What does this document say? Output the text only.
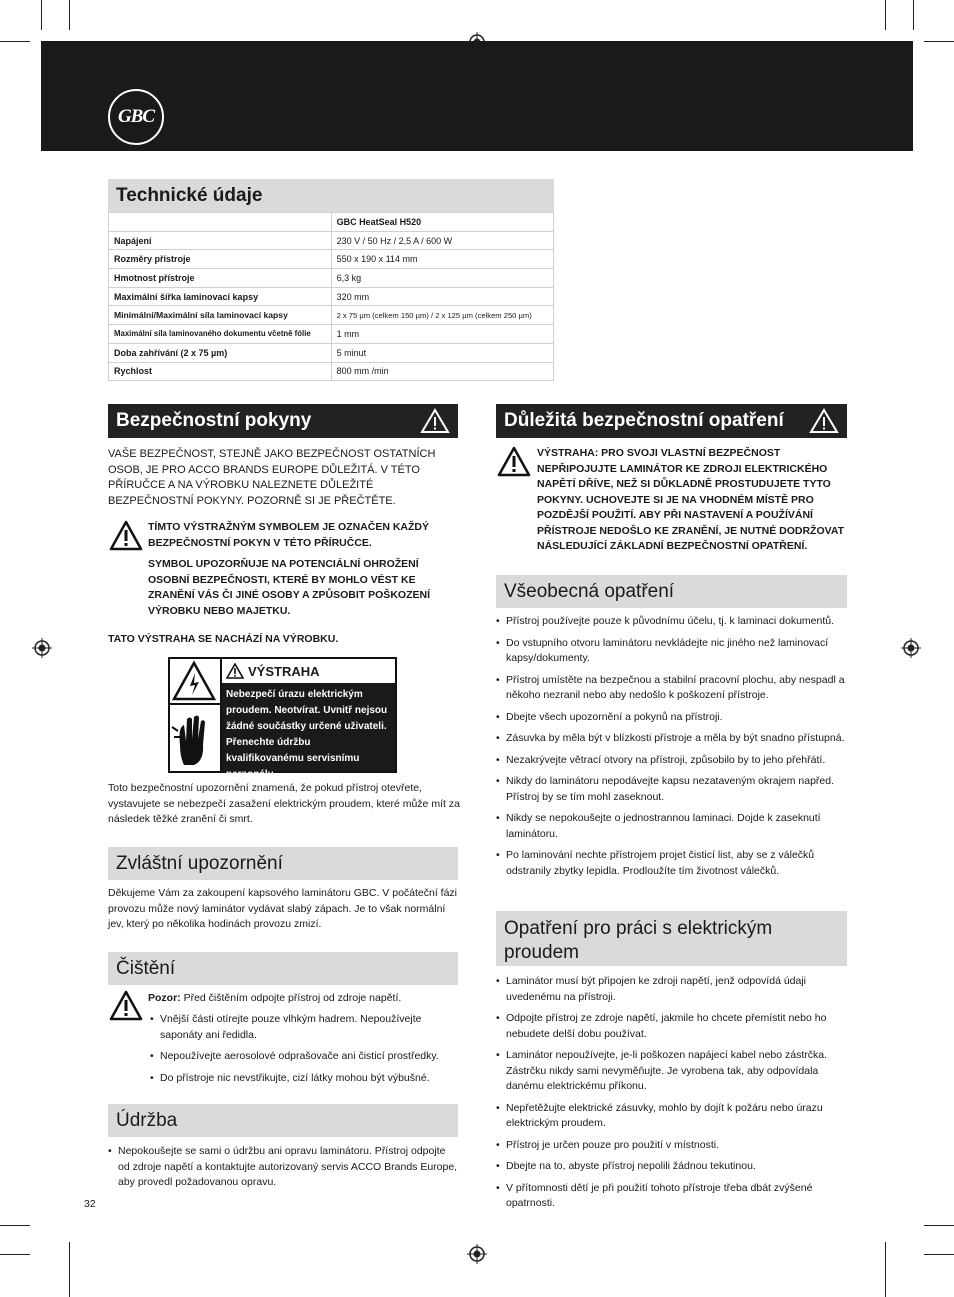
GBC
Technické údaje
	GBC HeatSeal H520
Napájení	230 V / 50 Hz / 2,5 A / 600 W
Rozměry přístroje	550 x 190 x 114 mm
Hmotnost přístroje	6,3 kg
Maximální šířka laminovací kapsy	320 mm
Minimální/Maximální síla laminovací kapsy	2 x 75 µm (celkem 150 µm) / 2 x 125 µm (celkem 250 µm)
Maximální síla laminovaného dokumentu včetně fólie	1 mm
Doba zahřívání (2 x 75 µm)	5 minut
Rychlost	800 mm /min
Bezpečnostní pokyny
VAŠE BEZPEČNOST, STEJNĚ JAKO BEZPEČNOST OSTATNÍCH OSOB, JE PRO ACCO BRANDS EUROPE DŮLEŽITÁ. V TÉTO PŘÍRUČCE A NA VÝROBKU NALEZNETE DŮLEŽITÉ BEZPEČNOSTNÍ POKYNY. POZORNĚ SI JE PŘEČTĚTE.
TÍMTO VÝSTRAŽNÝM SYMBOLEM JE OZNAČEN KAŽDÝ BEZPEČNOSTNÍ POKYN V TÉTO PŘÍRUČCE.
SYMBOL UPOZORŇUJE NA POTENCIÁLNÍ OHROŽENÍ OSOBNÍ BEZPEČNOSTI, KTERÉ BY MOHLO VÉST KE ZRANĚNÍ VÁS ČI JINÉ OSOBY A ZPŮSOBIT POŠKOZENÍ VÝROBKU NEBO MAJETKU.
TATO VÝSTRAHA SE NACHÁZÍ NA VÝROBKU.
VÝSTRAHA
Nebezpečí úrazu elektrickým proudem. Neotvírat. Uvnitř nejsou žádné součástky určené uživateli. Přenechte údržbu kvalifikovanému servisnímu personálu.
Toto bezpečnostní upozornění znamená, že pokud přístroj otevřete, vystavujete se nebezpečí zasažení elektrickým proudem, které může mít za následek těžké zranění či smrt.
Zvláštní upozornění
Děkujeme Vám za zakoupení kapsového laminátoru GBC. V počáteční fázi provozu může nový laminátor vydávat slabý zápach. Je to však normální jev, který po několika hodinách provozu zmizí.
Čištění
Pozor: Před čištěním odpojte přístroj od zdroje napětí.
• Vnější části otírejte pouze vlhkým hadrem. Nepoužívejte saponáty ani ředidla.
• Nepoužívejte aerosolové odprašovače ani čisticí prostředky.
• Do přístroje nic nevstřikujte, cizí látky mohou být výbušné.
Údržba
• Nepokoušejte se sami o údržbu ani opravu laminátoru. Přístroj odpojte od zdroje napětí a kontaktujte autorizovaný servis ACCO Brands Europe, aby provedl požadovanou opravu.
32
Důležitá bezpečnostní opatření
VÝSTRAHA: PRO SVOJI VLASTNÍ BEZPEČNOST NEPŘIPOJUJTE LAMINÁTOR KE ZDROJI ELEKTRICKÉHO NAPĚTÍ DŘÍVE, NEŽ SI DŮKLADNĚ PROSTUDUJETE TYTO POKYNY. UCHOVEJTE SI JE NA VHODNÉM MÍSTĚ PRO POZDĚJŠÍ POUŽITÍ. ABY PŘI NASTAVENÍ A POUŽÍVÁNÍ PŘÍSTROJE NEDOŠLO KE ZRANĚNÍ, JE NUTNÉ DODRŽOVAT NÁSLEDUJÍCÍ ZÁKLADNÍ BEZPEČNOSTNÍ OPATŘENÍ.
Všeobecná opatření
• Přístroj používejte pouze k původnímu účelu, tj. k laminaci dokumentů.
• Do vstupního otvoru laminátoru nevkládejte nic jiného než laminovací kapsy/dokumenty.
• Přístroj umístěte na bezpečnou a stabilní pracovní plochu, aby nespadl a někoho nezranil nebo aby nedošlo k poškození přístroje.
• Dbejte všech upozornění a pokynů na přístroji.
• Zásuvka by měla být v blízkosti přístroje a měla by být snadno přístupná.
• Nezakrývejte větrací otvory na přístroji, způsobilo by to jeho přehřátí.
• Nikdy do laminátoru nepodávejte kapsu nezataveným okrajem napřed. Přístroj by se tím mohl zaseknout.
• Nikdy se nepokoušejte o jednostrannou laminaci. Dojde k zaseknutí laminátoru.
• Po laminování nechte přístrojem projet čisticí list, aby se z válečků odstranily zbytky lepidla. Prodloužíte tím životnost válečků.
Opatření pro práci s elektrickým proudem
• Laminátor musí být připojen ke zdroji napětí, jenž odpovídá údaji uvedenému na přístroji.
• Odpojte přístroj ze zdroje napětí, jakmile ho chcete přemístit nebo ho nebudete delší dobu používat.
• Laminátor nepoužívejte, je-li poškozen napájecí kabel nebo zástrčka. Zástrčku nikdy sami nevyměňujte. Je vyrobena tak, aby odpovídala danému elektrickému příkonu.
• Nepřetěžujte elektrické zásuvky, mohlo by dojít k požáru nebo úrazu elektrickým proudem.
• Přístroj je určen pouze pro použití v místnosti.
• Dbejte na to, abyste přístroj nepolili žádnou tekutinou.
• V přítomnosti dětí je při použití tohoto přístroje třeba dbát zvýšené opatrnosti.
